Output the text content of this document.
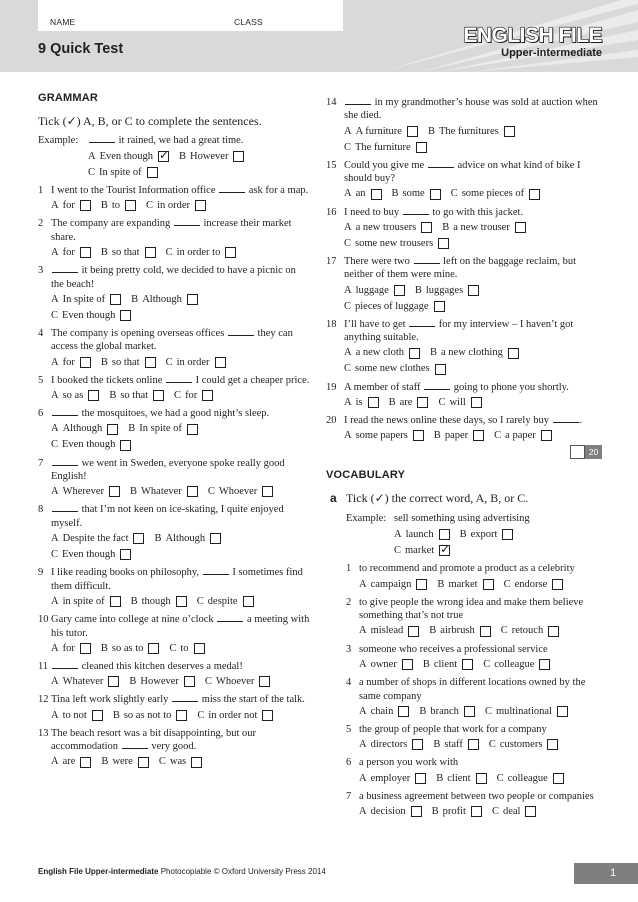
NAME	CLASS
9 Quick Test
ENGLISH FILE
Upper-intermediate
GRAMMAR
Tick (✓) A, B, or C to complete the sentences.
Example:	it rained, we had a great time.
A Even though
✓ B However
C In spite of
1 I went to the Tourist Information office	ask for a map.
A for B to C in order
2 The company are expanding	increase their market share.
A for B so that C in order to
3	it being pretty cold, we decided to have a picnic on the beach!
A In spite of B Although
C Even though
4 The company is opening overseas offices	they can access the global market.
A for B so that C in order
5 I booked the tickets online	I could get a cheaper price.
A so as B so that C for
6	the mosquitoes, we had a good night’s sleep.
A Although B In spite of
C Even though
7	we went in Sweden, everyone spoke really good English!
A Wherever B Whatever C Whoever
8	that I’m not keen on ice-skating, I quite enjoyed myself.
A Despite the fact B Although
C Even though
9 I like reading books on philosophy,	I sometimes find them difficult.
A in spite of B though C despite
10 Gary came into college at nine o’clock	a meeting with his tutor.
A for B so as to C to
11	cleaned this kitchen deserves a medal!
A Whatever B However C Whoever
12 Tina left work slightly early	miss the start of the talk.
A to not B so as not to C in order not
13 The beach resort was a bit disappointing, but our accommodation	very good.
A are B were C was
14	in my grandmother’s house was sold at auction when she died.
A A furniture B The furnitures
C The furniture
15 Could you give me	advice on what kind of bike I should buy?
A an B some C some pieces of
16 I need to buy	to go with this jacket.
A a new trousers B a new trouser
C some new trousers
17 There were two	left on the baggage reclaim, but neither of them were mine.
A luggage B luggages
C pieces of luggage
18 I’ll have to get	for my interview – I haven’t got anything suitable.
A a new cloth B a new clothing
C some new clothes
19 A member of staff	going to phone you shortly.
A is B are C will
20 I read the news online these days, so I rarely buy	.
A some papers B paper C a paper
20
VOCABULARY
a Tick (✓) the correct word, A, B, or C.
Example: sell something using advertising
A launch B export
C market
✓
1 to recommend and promote a product as a celebrity
A campaign B market C endorse
2 to give people the wrong idea and make them believe something that’s not true
A mislead B airbrush C retouch
3 someone who receives a professional service
A owner B client C colleague
4 a number of shops in different locations owned by the same company
A chain B branch C multinational
5 the group of people that work for a company
A directors B staff C customers
6 a person you work with
A employer B client C colleague
7 a business agreement between two people or companies
A decision B profit C deal
English File Upper-intermediate Photocopiable © Oxford University Press 2014	1
